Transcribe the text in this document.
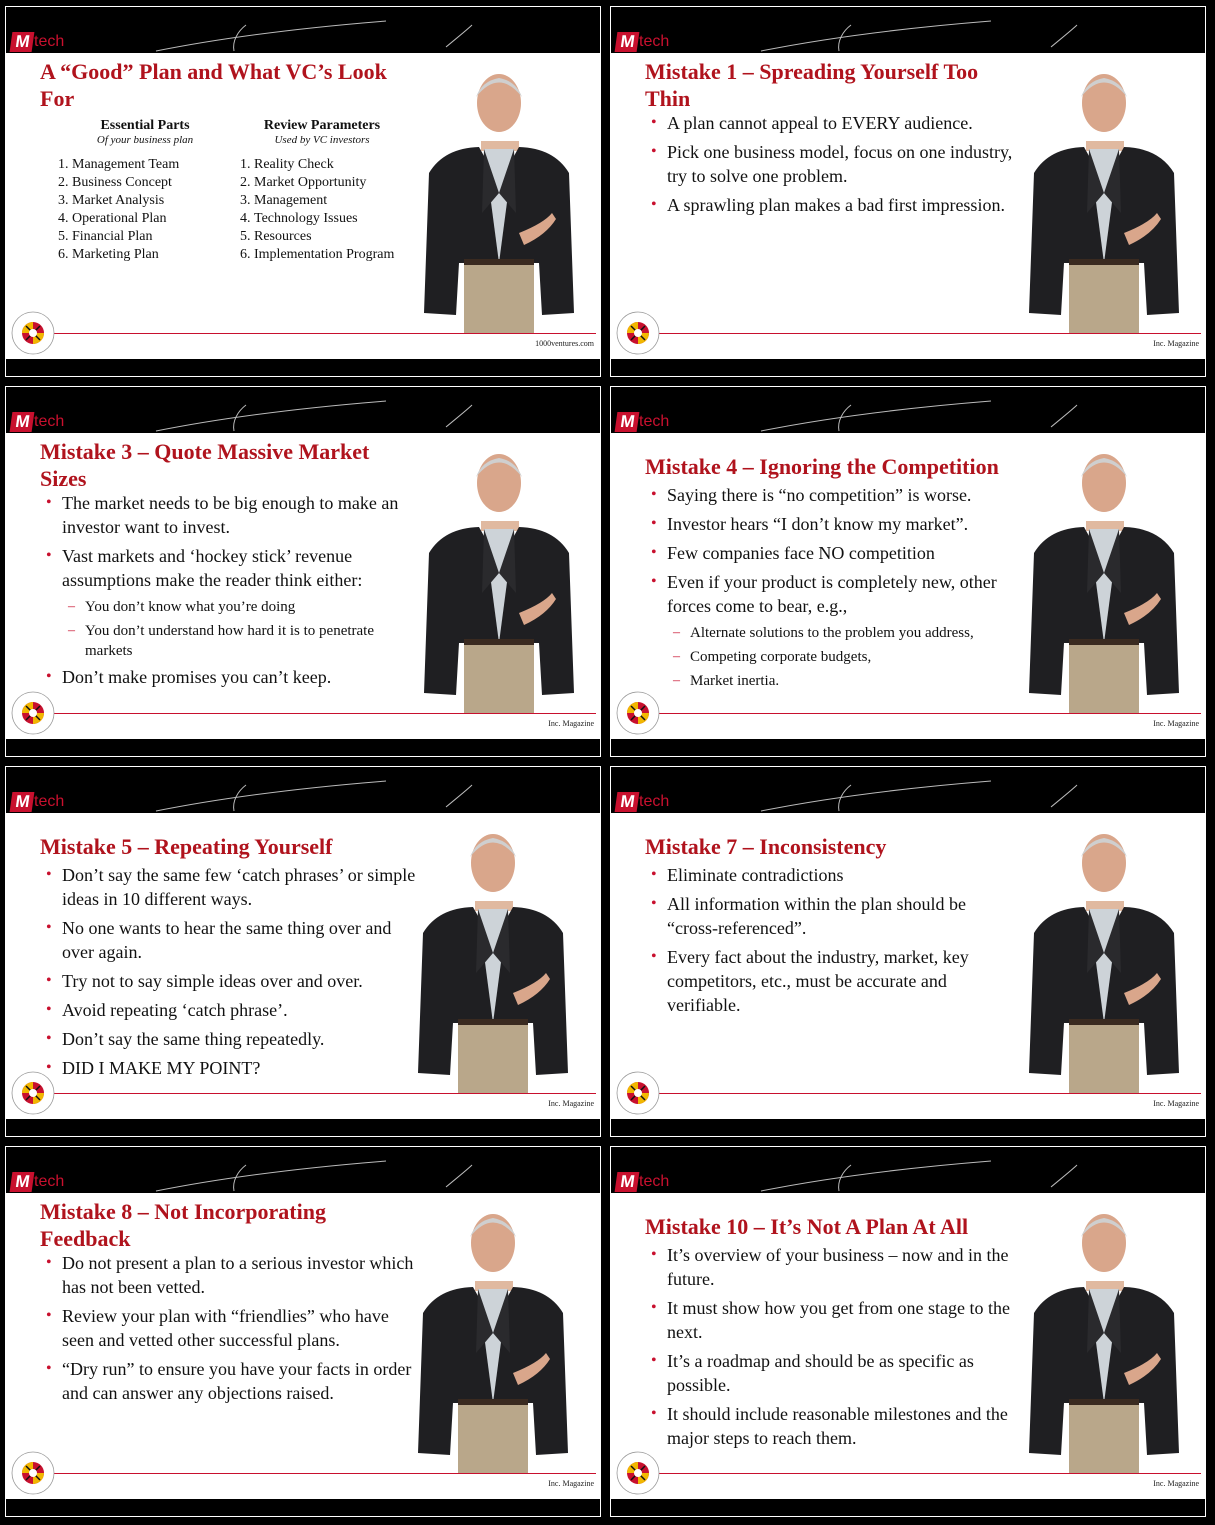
M tech
A “Good” Plan and What VC’s Look For
Essential Parts
Of your business plan
1. Management Team
2. Business Concept
3. Market Analysis
4. Operational Plan
5. Financial Plan
6. Marketing Plan
Review Parameters
Used by VC investors
1. Reality Check
2. Market Opportunity
3. Management
4. Technology Issues
5. Resources
6. Implementation Program
1000ventures.com
M tech
Mistake 1 – Spreading Yourself Too Thin
• A plan cannot appeal to EVERY audience.
• Pick one business model, focus on one industry, try to solve one problem.
• A sprawling plan makes a bad first impression.
Inc. Magazine
M tech
Mistake 3 – Quote Massive Market Sizes
• The market needs to be big enough to make an investor want to invest.
• Vast markets and ‘hockey stick’ revenue assumptions make the reader think either:
– You don’t know what you’re doing
– You don’t understand how hard it is to penetrate markets
• Don’t make promises you can’t keep.
Inc. Magazine
M tech
Mistake 4 – Ignoring the Competition
• Saying there is “no competition” is worse.
• Investor hears “I don’t know my market”.
• Few companies face NO competition
• Even if your product is completely new, other forces come to bear, e.g.,
– Alternate solutions to the problem you address,
– Competing corporate budgets,
– Market inertia.
Inc. Magazine
M tech
Mistake 5 – Repeating Yourself
• Don’t say the same few ‘catch phrases’ or simple ideas in 10 different ways.
• No one wants to hear the same thing over and over again.
• Try not to say simple ideas over and over.
• Avoid repeating ‘catch phrase’.
• Don’t say the same thing repeatedly.
• DID I MAKE MY POINT?
Inc. Magazine
M tech
Mistake 7 – Inconsistency
• Eliminate contradictions
• All information within the plan should be “cross-referenced”.
• Every fact about the industry, market, key competitors, etc., must be accurate and verifiable.
Inc. Magazine
M tech
Mistake 8 – Not Incorporating Feedback
• Do not present a plan to a serious investor which has not been vetted.
• Review your plan with “friendlies” who have seen and vetted other successful plans.
• “Dry run” to ensure you have your facts in order and can answer any objections raised.
Inc. Magazine
M tech
Mistake 10 – It’s Not A Plan At All
• It’s overview of your business – now and in the future.
• It must show how you get from one stage to the next.
• It’s a roadmap and should be as specific as possible.
• It should include reasonable milestones and the major steps to reach them.
Inc. Magazine
